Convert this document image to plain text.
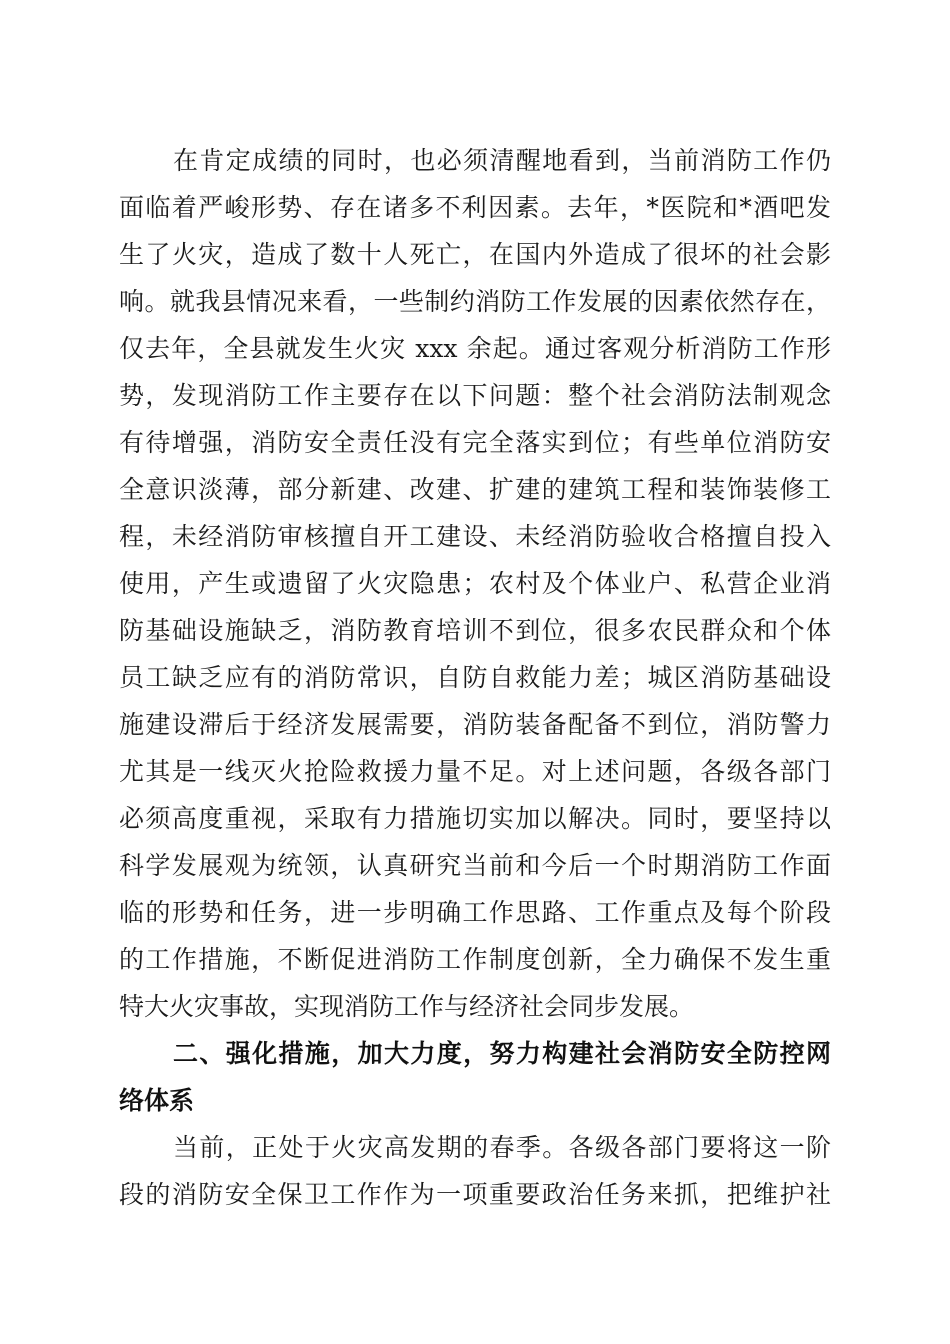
在肯定成绩的同时，也必须清醒地看到，当前消防工作仍
面临着严峻形势、存在诸多不利因素。去年，*医院和*酒吧发
生了火灾，造成了数十人死亡，在国内外造成了很坏的社会影
响。就我县情况来看，一些制约消防工作发展的因素依然存在，
仅去年，全县就发生火灾 xxx 余起。通过客观分析消防工作形
势，发现消防工作主要存在以下问题：整个社会消防法制观念
有待增强，消防安全责任没有完全落实到位；有些单位消防安
全意识淡薄，部分新建、改建、扩建的建筑工程和装饰装修工
程，未经消防审核擅自开工建设、未经消防验收合格擅自投入
使用，产生或遗留了火灾隐患；农村及个体业户、私营企业消
防基础设施缺乏，消防教育培训不到位，很多农民群众和个体
员工缺乏应有的消防常识，自防自救能力差；城区消防基础设
施建设滞后于经济发展需要，消防装备配备不到位，消防警力
尤其是一线灭火抢险救援力量不足。对上述问题，各级各部门
必须高度重视，采取有力措施切实加以解决。同时，要坚持以
科学发展观为统领，认真研究当前和今后一个时期消防工作面
临的形势和任务，进一步明确工作思路、工作重点及每个阶段
的工作措施，不断促进消防工作制度创新，全力确保不发生重
特大火灾事故，实现消防工作与经济社会同步发展。
二、强化措施，加大力度，努力构建社会消防安全防控网
络体系
当前，正处于火灾高发期的春季。各级各部门要将这一阶
段的消防安全保卫工作作为一项重要政治任务来抓，把维护社
